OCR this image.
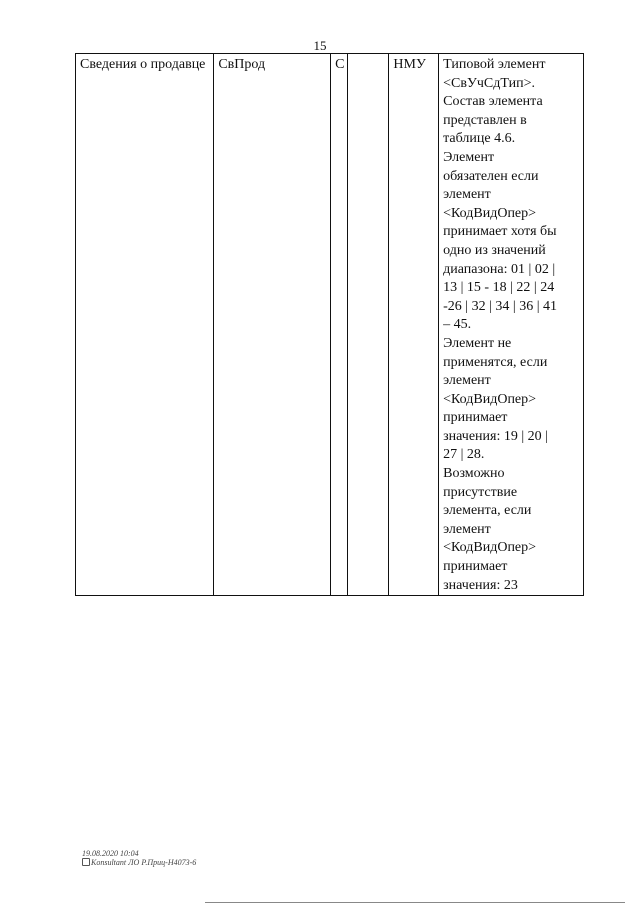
15
Сведения о продавце	СвПрод	С		НМУ	Типовой элемент
<СвУчСдТип>.
Состав элемента
представлен в
таблице 4.6.
Элемент
обязателен если
элемент
<КодВидОпер>
принимает хотя бы
одно из значений
диапазона: 01 | 02 |
13 | 15 - 18 | 22 | 24
-26 | 32 | 34 | 36 | 41
– 45.
Элемент не
применятся, если
элемент
<КодВидОпер>
принимает
значения: 19 | 20 |
27 | 28.
Возможно
присутствие
элемента, если
элемент
<КодВидОпер>
принимает
значения: 23
19.08.2020 10:04
Konsultant ЛО Р.Приц-Н4073-6
